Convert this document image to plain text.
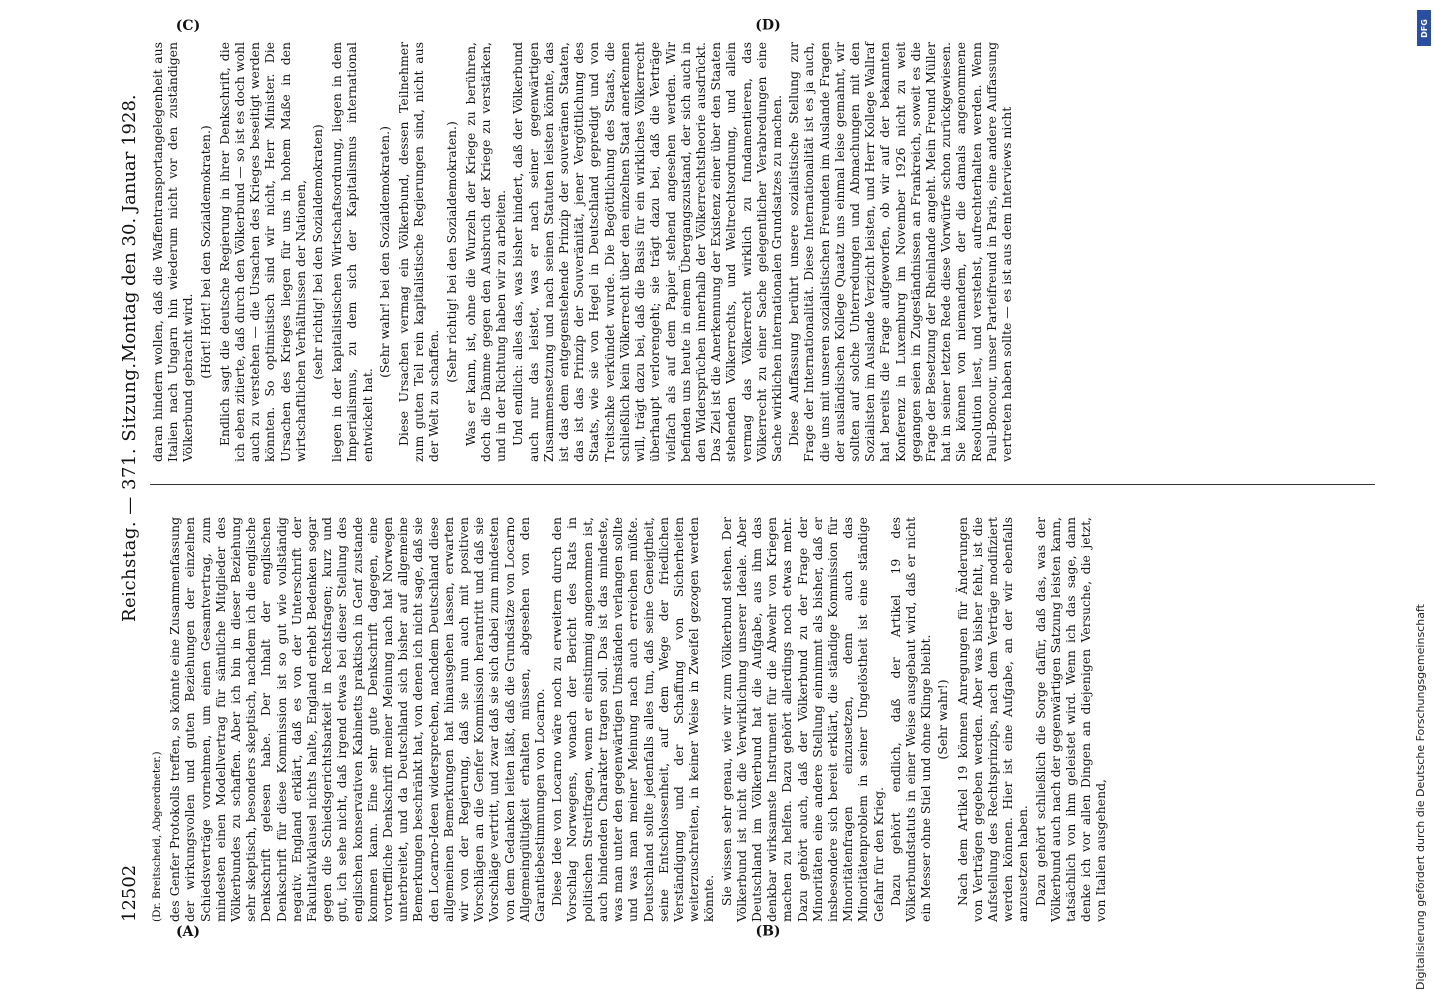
12502
Reichstag. — 371. Sitzung.
Montag den 30. Januar 1928.

(Dr. Breitscheid, Abgeordneter.) des Genfer Protokolls treffen, so könnte eine Zusammenfassung der wirkungsvollen und guten Beziehungen der einzelnen Schiedsverträge vornehmen, um einen Gesamtvertrag, zum mindesten einen Modellvertrag für sämtliche Mitglieder des Völkerbundes zu schaffen. Aber ich bin in dieser Beziehung sehr skeptisch, besonders skeptisch, nachdem ich die englische Denkschrift gelesen habe. Der Inhalt der englischen Denkschrift für diese Kommission ist so gut wie vollständig negativ. England erklärt, daß es von der Unterschrift der Fakultativklausel nichts halte, England erhebt Bedenken sogar gegen die Schiedsgerichtsbarkeit in Rechtsfragen; kurz und gut, ich sehe nicht, daß irgend etwas bei dieser Stellung des englischen konservativen Kabinetts praktisch in Genf zustande kommen kann. Eine sehr gute Denkschrift dagegen, eine vortreffliche Denkschrift meiner Meinung nach hat Norwegen unterbreitet, und da Deutschland sich bisher auf allgemeine Bemerkungen beschränkt hat, von denen ich nicht sage, daß sie den Locarno-Ideen widersprechen, nachdem Deutschland diese allgemeinen Bemerkungen hat hinausgehen lassen, erwarten wir von der Regierung, daß sie nun auch mit positiven Vorschlägen an die Genfer Kommission herantritt und daß sie Vorschläge vertritt, und zwar daß sie sich dabei zum mindesten von dem Gedanken leiten läßt, daß die Grundsätze von Locarno Allgemeingültigkeit erhalten müssen, abgesehen von den Garantiebestimmungen von Locarno. Diese Idee von Locarno wäre noch zu erweitern durch den Vorschlag Norwegens, wonach der Bericht des Rats in politischen Streitfragen, wenn er einstimmig angenommen ist, auch bindenden Charakter tragen soll. Das ist das mindeste, was man unter den gegenwärtigen Umständen verlangen sollte und was man meiner Meinung nach auch erreichen müßte. Deutschland sollte jedenfalls alles tun, daß seine Geneigtheit, seine Entschlossenheit, auf dem Wege der friedlichen Verständigung und der Schaffung von Sicherheiten weiterzuschreiten, in keiner Weise in Zweifel gezogen werden könnte. Sie wissen sehr genau, wie wir zum Völkerbund stehen. Der Völkerbund ist nicht die Verwirklichung unserer Ideale. Aber Deutschland im Völkerbund hat die Aufgabe, aus ihm das denkbar wirksamste Instrument für die Abwehr von Kriegen machen zu helfen. Dazu gehört allerdings noch etwas mehr. Dazu gehört auch, daß der Völkerbund zu der Frage der Minoritäten eine andere Stellung einnimmt als bisher, daß er insbesondere sich bereit erklärt, die ständige Kommission für Minoritätenfragen einzusetzen, denn auch das Minoritätenproblem in seiner Ungelöstheit ist eine ständige Gefahr für den Krieg. Dazu gehört endlich, daß der Artikel 19 des Völkerbundstatuts in einer Weise ausgebaut wird, daß er nicht ein Messer ohne Stiel und ohne Klinge bleibt. (Sehr wahr!) Nach dem Artikel 19 können Anregungen für Änderungen von Verträgen gegeben werden. Aber was bisher fehlt, ist die Aufstellung des Rechtsprinzips, nach dem Verträge modifiziert werden können. Hier ist eine Aufgabe, an der wir ebenfalls anzusetzen haben. Dazu gehört schließlich die Sorge dafür, daß das, was der Völkerbund auch nach der gegenwärtigen Satzung leisten kann, tatsächlich von ihm geleistet wird. Wenn ich das sage, dann denke ich vor allen Dingen an diejenigen Versuche, die jetzt, von Italien ausgehend,

daran hindern wollen, daß die Waffentransportangelegenheit aus Italien nach Ungarn hin wiederum nicht vor den zuständigen Völkerbund gebracht wird. (Hört! Hört! bei den Sozialdemokraten.) Endlich sagt die deutsche Regierung in ihrer Denkschrift, die ich eben zitierte, daß durch den Völkerbund — so ist es doch wohl auch zu verstehen — die Ursachen des Krieges beseitigt werden könnten. So optimistisch sind wir nicht, Herr Minister. Die Ursachen des Krieges liegen für uns in hohem Maße in den wirtschaftlichen Verhältnissen der Nationen, (sehr richtig! bei den Sozialdemokraten) liegen in der kapitalistischen Wirtschaftsordnung, liegen in dem Imperialismus, zu dem sich der Kapitalismus international entwickelt hat.

(Sehr wahr! bei den Sozialdemokraten.) Diese Ursachen vermag ein Völkerbund, dessen Teilnehmer zum guten Teil rein kapitalistische Regierungen sind, nicht aus der Welt zu schaffen.

(Sehr richtig! bei den Sozialdemokraten.) Was er kann, ist, ohne die Wurzeln der Kriege zu berühren, doch die Dämme gegen den Ausbruch der Kriege zu verstärken, und in der Richtung haben wir zu arbeiten. Und endlich: alles das, was bisher hindert, daß der Völkerbund auch nur das leistet, was er nach seiner gegenwärtigen Zusammensetzung und nach seinen Statuten leisten könnte, das ist das dem entgegenstehende Prinzip der souveränen Staaten, das ist das Prinzip der Souveränität, jener Vergöttlichung des Staats, wie sie von Hegel in Deutschland gepredigt und von Treitschke verkündet wurde. Die Begöttlichung des Staats, die schließlich kein Völkerrecht über den einzelnen Staat anerkennen will, trägt dazu bei, daß die Basis für ein wirkliches Völkerrecht überhaupt verlorengeht; sie trägt dazu bei, daß die Verträge vielfach als auf dem Papier stehend angesehen werden. Wir befinden uns heute in einem Übergangszustand, der sich auch in den Widersprüchen innerhalb der Völkerrechtstheorie ausdrückt. Das Ziel ist die Anerkennung der Existenz einer über den Staaten stehenden Völkerrechts, und Weltrechtsordnung, und allein vermag das Völkerrecht wirklich zu fundamentieren, das Völkerrecht zu einer Sache gelegentlicher Verabredungen eine Sache wirklichen internationalen Grundsatzes zu machen. Diese Auffassung berührt unsere sozialistische Stellung zur Frage der Internationalität. Diese Internationalität ist es ja auch, die uns mit unseren sozialistischen Freunden im Auslande Fragen der ausländischen Kollege Quaatz uns einmal leise gemahnt, wir sollten auf solche Unterredungen und Abmachungen mit den Sozialisten im Auslande Verzicht leisten, und Herr Kollege Wallraf hat bereits die Frage aufgeworfen, ob wir auf der bekannten Konferenz in Luxemburg im November 1926 nicht zu weit gegangen seien in Zugeständnissen an Frankreich, soweit es die Frage der Besetzung der Rheinlande angeht. Mein Freund Müller hat in seiner letzten Rede diese Vorwürfe schon zurückgewiesen. Sie können von niemandem, der die damals angenommene Resolution liest, und verstehst, aufrechterhalten werden. Wenn Paul-Boncour, unser Parteifreund in Paris, eine andere Auffassung vertreten haben sollte — es ist aus dem Interviews nicht

(A)	(B)
(C)	(D)	DFG
Digitalisierung gefördert durch die Deutsche Forschungsgemeinschaft
